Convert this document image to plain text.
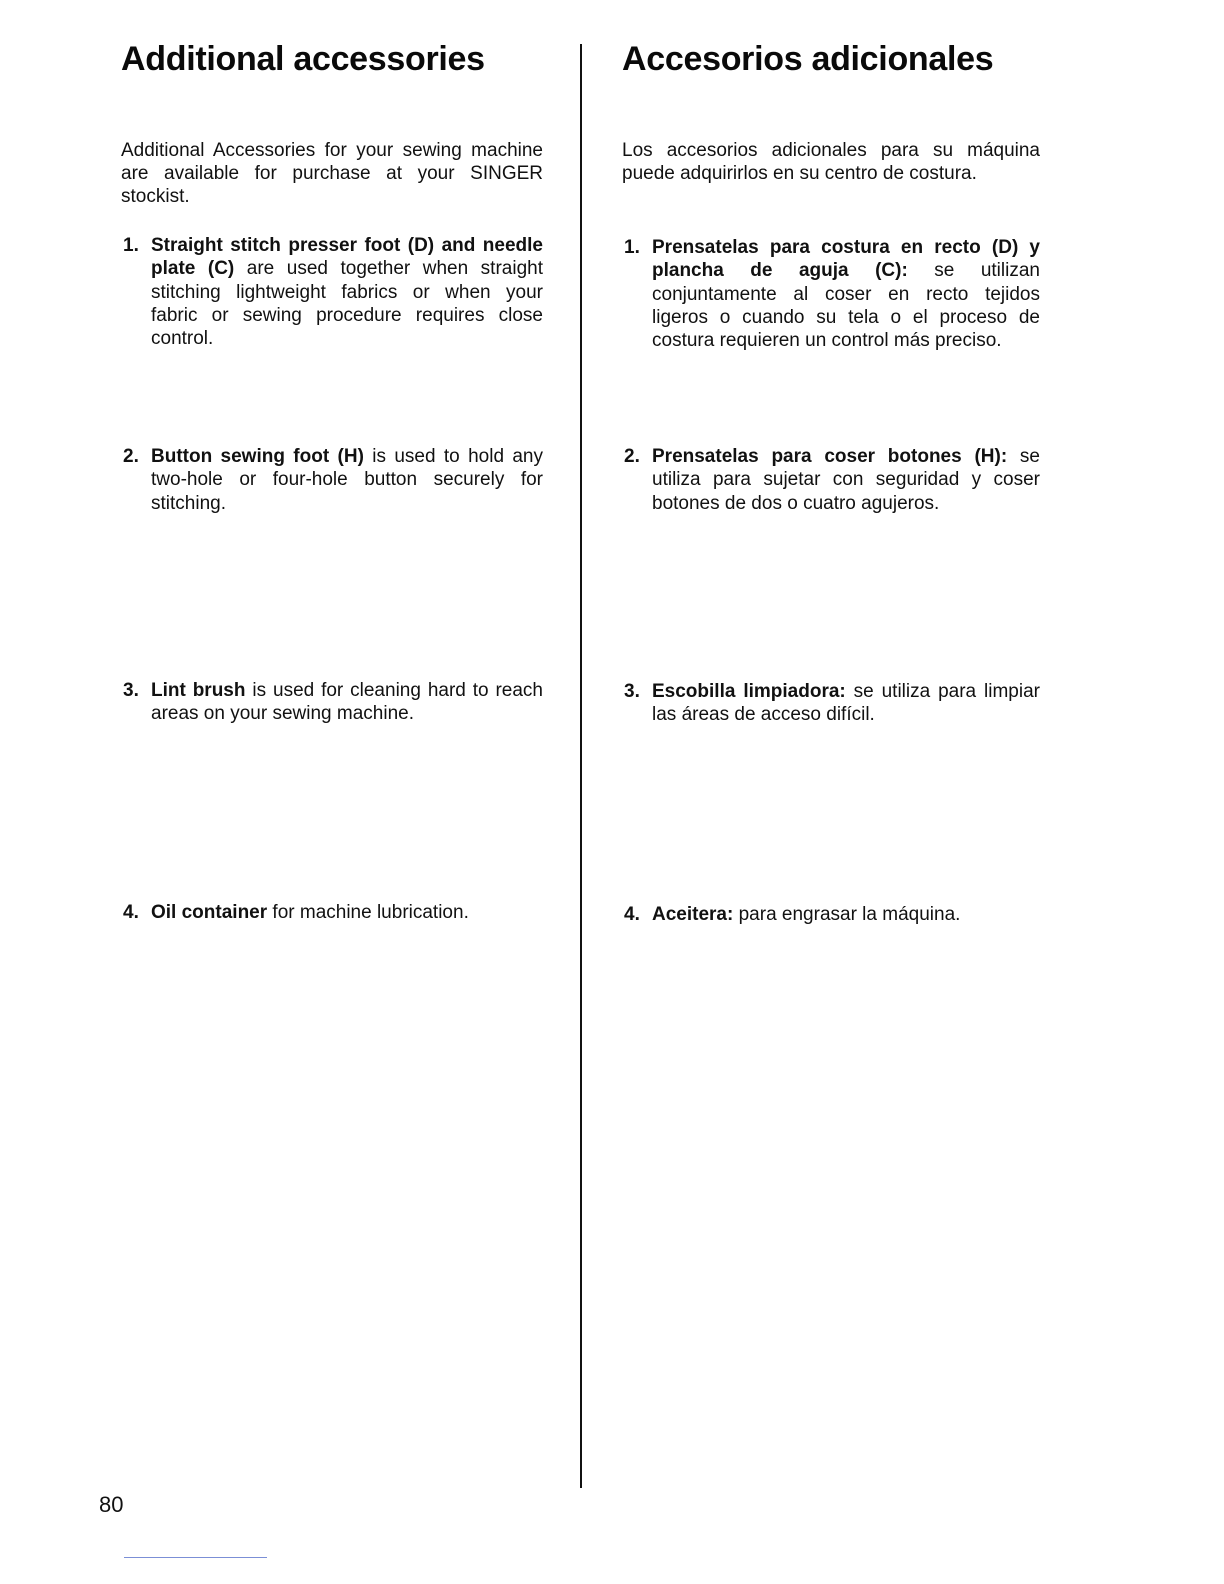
Additional accessories

Additional Accessories for your sewing machine are available for purchase at your SINGER stockist.

1. Straight stitch presser foot (D) and needle plate (C) are used together when straight stitching lightweight fabrics or when your fabric or sewing procedure requires close control.
2. Button sewing foot (H) is used to hold any two-hole or four-hole button securely for stitching.
3. Lint brush is used for cleaning hard to reach areas on your sewing machine.
4. Oil container for machine lubrication.
Accesorios adicionales

Los accesorios adicionales para su máquina puede adquirirlos en su centro de costura.

1. Prensatelas para costura en recto (D) y plancha de aguja (C): se utilizan conjuntamente al coser en recto tejidos ligeros o cuando su tela o el proceso de costura requieren un control más preciso.
2. Prensatelas para coser botones (H): se utiliza para sujetar con seguridad y coser botones de dos o cuatro agujeros.
3. Escobilla limpiadora: se utiliza para limpiar las áreas de acceso difícil.
4. Aceitera: para engrasar la máquina.
80
